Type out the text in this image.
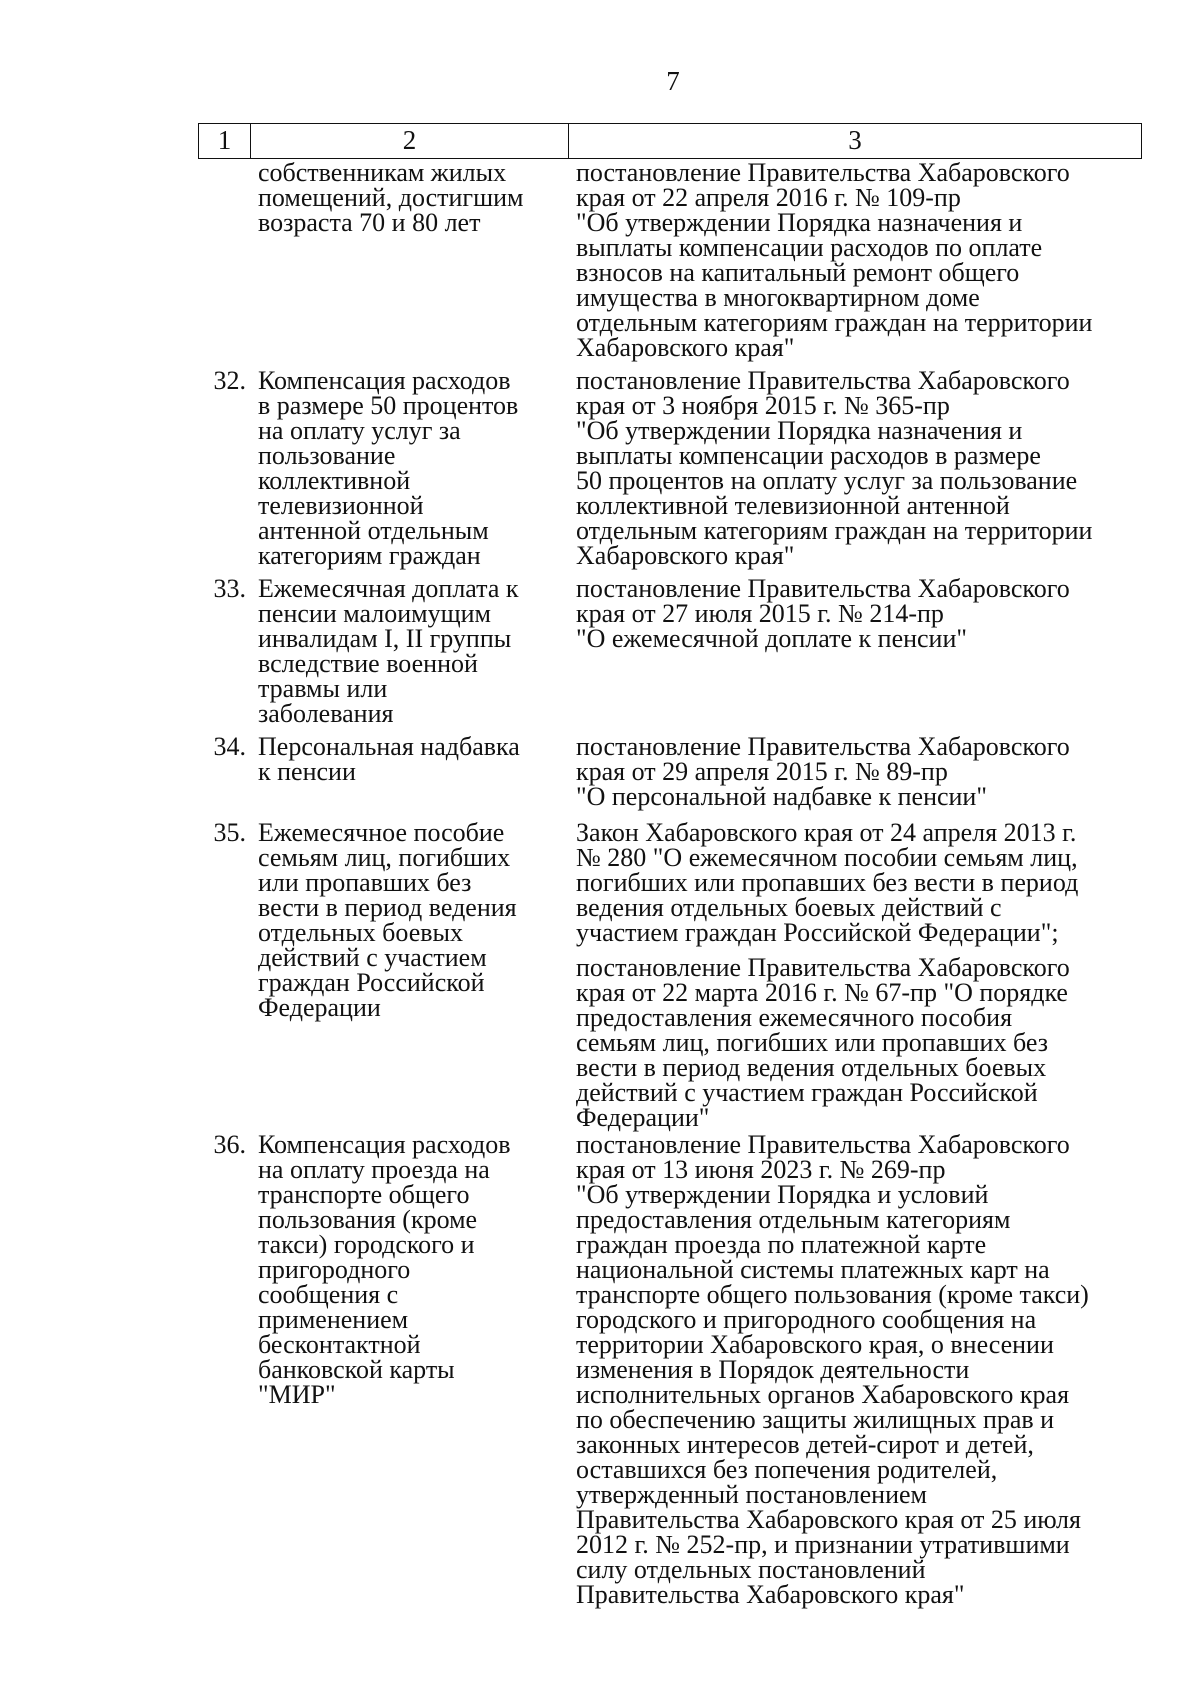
7
1	2	3
собственникам жилых
помещений, достигшим
возраста 70 и 80 лет
постановление Правительства Хабаровского
края от 22 апреля 2016 г. № 109-пр
"Об утверждении Порядка назначения и
выплаты компенсации расходов по оплате
взносов на капитальный ремонт общего
имущества в многоквартирном доме
отдельным категориям граждан на территории
Хабаровского края"
32. Компенсация расходов
в размере 50 процентов
на оплату услуг за
пользование
коллективной
телевизионной
антенной отдельным
категориям граждан
постановление Правительства Хабаровского
края от 3 ноября 2015 г. № 365-пр
"Об утверждении Порядка назначения и
выплаты компенсации расходов в размере
50 процентов на оплату услуг за пользование
коллективной телевизионной антенной
отдельным категориям граждан на территории
Хабаровского края"
33. Ежемесячная доплата к
пенсии малоимущим
инвалидам I, II группы
вследствие военной
травмы или
заболевания
постановление Правительства Хабаровского
края от 27 июля 2015 г. № 214-пр
"О ежемесячной доплате к пенсии"
34. Персональная надбавка
к пенсии
постановление Правительства Хабаровского
края от 29 апреля 2015 г. № 89-пр
"О персональной надбавке к пенсии"
35. Ежемесячное пособие
семьям лиц, погибших
или пропавших без
вести в период ведения
отдельных боевых
действий с участием
граждан Российской
Федерации
Закон Хабаровского края от 24 апреля 2013 г.
№ 280 "О ежемесячном пособии семьям лиц,
погибших или пропавших без вести в период
ведения отдельных боевых действий с
участием граждан Российской Федерации";
постановление Правительства Хабаровского
края от 22 марта 2016 г. № 67-пр "О порядке
предоставления ежемесячного пособия
семьям лиц, погибших или пропавших без
вести в период ведения отдельных боевых
действий с участием граждан Российской
Федерации"
36. Компенсация расходов
на оплату проезда на
транспорте общего
пользования (кроме
такси) городского и
пригородного
сообщения с
применением
бесконтактной
банковской карты
"МИР"
постановление Правительства Хабаровского
края от 13 июня 2023 г. № 269-пр
"Об утверждении Порядка и условий
предоставления отдельным категориям
граждан проезда по платежной карте
национальной системы платежных карт на
транспорте общего пользования (кроме такси)
городского и пригородного сообщения на
территории Хабаровского края, о внесении
изменения в Порядок деятельности
исполнительных органов Хабаровского края
по обеспечению защиты жилищных прав и
законных интересов детей-сирот и детей,
оставшихся без попечения родителей,
утвержденный постановлением
Правительства Хабаровского края от 25 июля
2012 г. № 252-пр, и признании утратившими
силу отдельных постановлений
Правительства Хабаровского края"
